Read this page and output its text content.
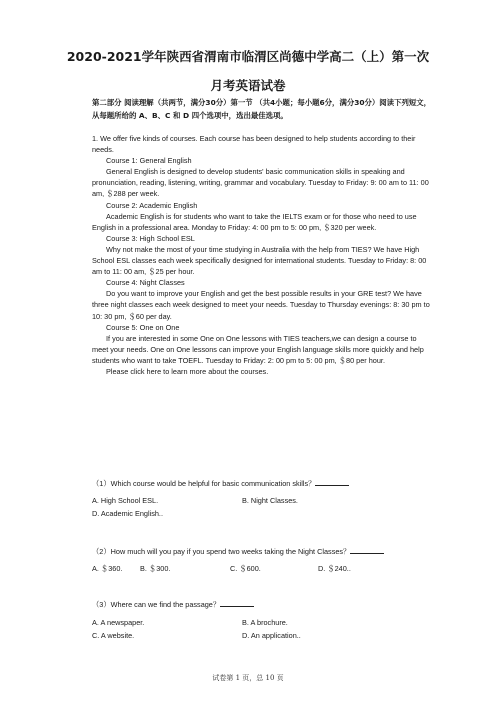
2020-2021学年陕西省渭南市临渭区尚德中学高二（上）第一次
月考英语试卷
第二部分 阅读理解（共两节，满分30分）第一节 （共4小题；每小题6分，满分30分）阅读下列短文，从每题所给的 A、B、C 和 D 四个选项中，选出最佳选项。

1. We offer five kinds of courses. Each course has been designed to help students according to their needs.

Course 1: General English

General English is designed to develop students' basic communication skills in speaking and pronunciation, reading, listening, writing, grammar and vocabulary. Tuesday to Friday: 9: 00 am to 11: 00 am, ＄288 per week.

Course 2: Academic English

Academic English is for students who want to take the IELTS exam or for those who need to use English in a professional area. Monday to Friday: 4: 00 pm to 5: 00 pm, ＄320 per week.

Course 3: High School ESL

Why not make the most of your time studying in Australia with the help from TIES? We have High School ESL classes each week specifically designed for international students. Tuesday to Friday: 8: 00 am to 11: 00 am, ＄25 per hour.

Course 4: Night Classes

Do you want to improve your English and get the best possible results in your GRE test? We have three night classes each week designed to meet your needs. Tuesday to Thursday evenings: 8: 30 pm to 10: 30 pm, ＄60 per day.

Course 5: One on One

If you are interested in some One on One lessons with TIES teachers,we can design a course to meet your needs. One on One lessons can improve your English language skills more quickly and help students who want to take TOEFL. Tuesday to Friday: 2: 00 pm to 5: 00 pm, ＄80 per hour.

Please click here to learn more about the courses.

（1）Which course would be helpful for basic communication skills？
A. High School ESL.	B. Night Classes.
D. Academic English..
（2）How much will you pay if you spend two weeks taking the Night Classes？
A. ＄360. B. ＄300.	C. ＄600.	D. ＄240..
（3）Where can we find the passage？
A. A newspaper.	B. A brochure.
C. A website.	D. An application..
试卷第 1 页，总 10 页
